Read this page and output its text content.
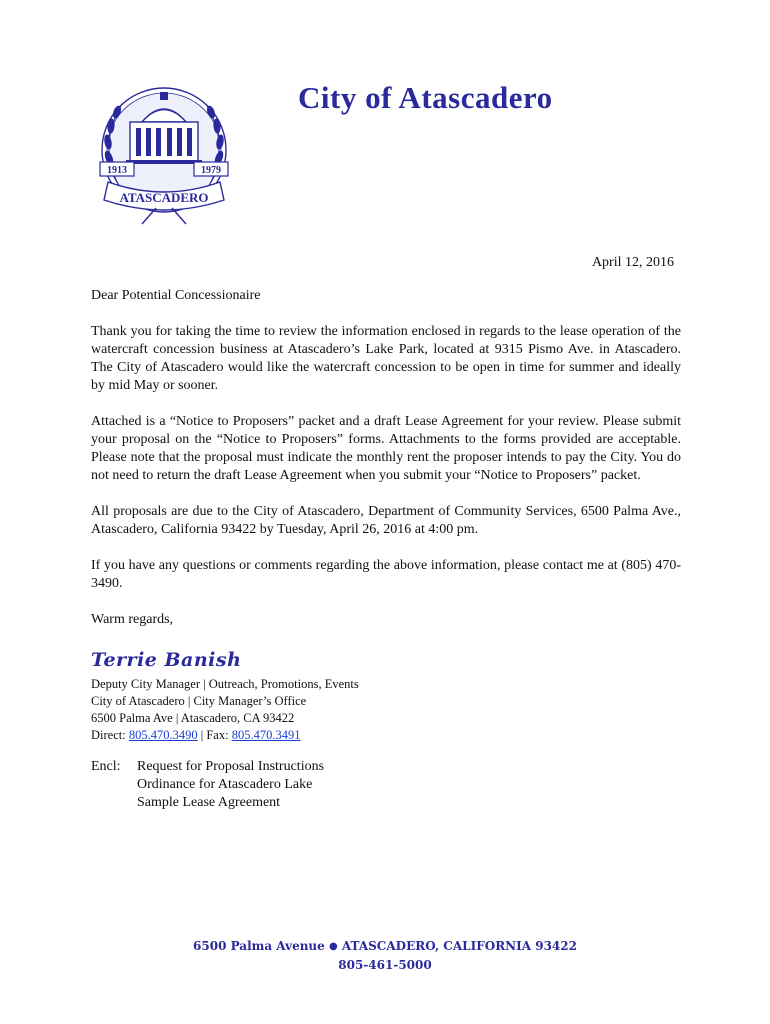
1913	1979
ATASCADERO
City of Atascadero
April 12, 2016

Dear Potential Concessionaire

Thank you for taking the time to review the information enclosed in regards to the lease operation of the watercraft concession business at Atascadero’s Lake Park, located at 9315 Pismo Ave. in Atascadero. The City of Atascadero would like the watercraft concession to be open in time for summer and ideally by mid May or sooner.

Attached is a “Notice to Proposers” packet and a draft Lease Agreement for your review. Please submit your proposal on the “Notice to Proposers” forms. Attachments to the forms provided are acceptable. Please note that the proposal must indicate the monthly rent the proposer intends to pay the City. You do not need to return the draft Lease Agreement when you submit your “Notice to Proposers” packet.

All proposals are due to the City of Atascadero, Department of Community Services, 6500 Palma Ave., Atascadero, California 93422 by Tuesday, April 26, 2016 at 4:00 pm.

If you have any questions or comments regarding the above information, please contact me at (805) 470-3490.

Warm regards,

Terrie Banish
Deputy City Manager | Outreach, Promotions, Events
City of Atascadero | City Manager’s Office
6500 Palma Ave | Atascadero, CA 93422
Direct: 805.470.3490 | Fax: 805.470.3491
Encl:	Request for Proposal Instructions
Ordinance for Atascadero Lake
Sample Lease Agreement
6500 Palma Avenue ● ATASCADERO, CALIFORNIA 93422
805-461-5000
